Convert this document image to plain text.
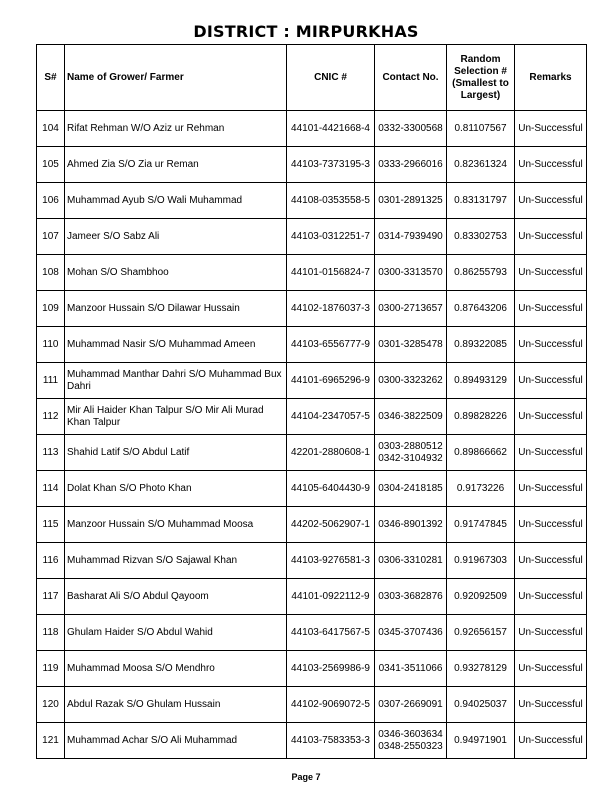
DISTRICT : MIRPURKHAS
S#	Name of Grower/ Farmer	CNIC #	Contact No.	Random Selection # (Smallest to Largest)	Remarks
104	Rifat Rehman W/O Aziz ur Rehman	44101-4421668-4	0332-3300568	0.81107567	Un-Successful
105	Ahmed Zia S/O Zia ur Reman	44103-7373195-3	0333-2966016	0.82361324	Un-Successful
106	Muhammad Ayub S/O Wali Muhammad	44108-0353558-5	0301-2891325	0.83131797	Un-Successful
107	Jameer S/O Sabz Ali	44103-0312251-7	0314-7939490	0.83302753	Un-Successful
108	Mohan S/O Shambhoo	44101-0156824-7	0300-3313570	0.86255793	Un-Successful
109	Manzoor Hussain S/O Dilawar Hussain	44102-1876037-3	0300-2713657	0.87643206	Un-Successful
110	Muhammad Nasir S/O Muhammad Ameen	44103-6556777-9	0301-3285478	0.89322085	Un-Successful
111	Muhammad Manthar Dahri S/O Muhammad Bux Dahri	44101-6965296-9	0300-3323262	0.89493129	Un-Successful
112	Mir Ali Haider Khan Talpur S/O Mir Ali Murad Khan Talpur	44104-2347057-5	0346-3822509	0.89828226	Un-Successful
113	Shahid Latif S/O Abdul Latif	42201-2880608-1	0303-2880512
0342-3104932	0.89866662	Un-Successful
114	Dolat Khan S/O Photo Khan	44105-6404430-9	0304-2418185	0.9173226	Un-Successful
115	Manzoor Hussain S/O Muhammad Moosa	44202-5062907-1	0346-8901392	0.91747845	Un-Successful
116	Muhammad Rizvan S/O Sajawal Khan	44103-9276581-3	0306-3310281	0.91967303	Un-Successful
117	Basharat Ali S/O Abdul Qayoom	44101-0922112-9	0303-3682876	0.92092509	Un-Successful
118	Ghulam Haider S/O Abdul Wahid	44103-6417567-5	0345-3707436	0.92656157	Un-Successful
119	Muhammad Moosa S/O Mendhro	44103-2569986-9	0341-3511066	0.93278129	Un-Successful
120	Abdul Razak S/O Ghulam Hussain	44102-9069072-5	0307-2669091	0.94025037	Un-Successful
121	Muhammad Achar S/O Ali Muhammad	44103-7583353-3	0346-3603634
0348-2550323	0.94971901	Un-Successful
Page 7
